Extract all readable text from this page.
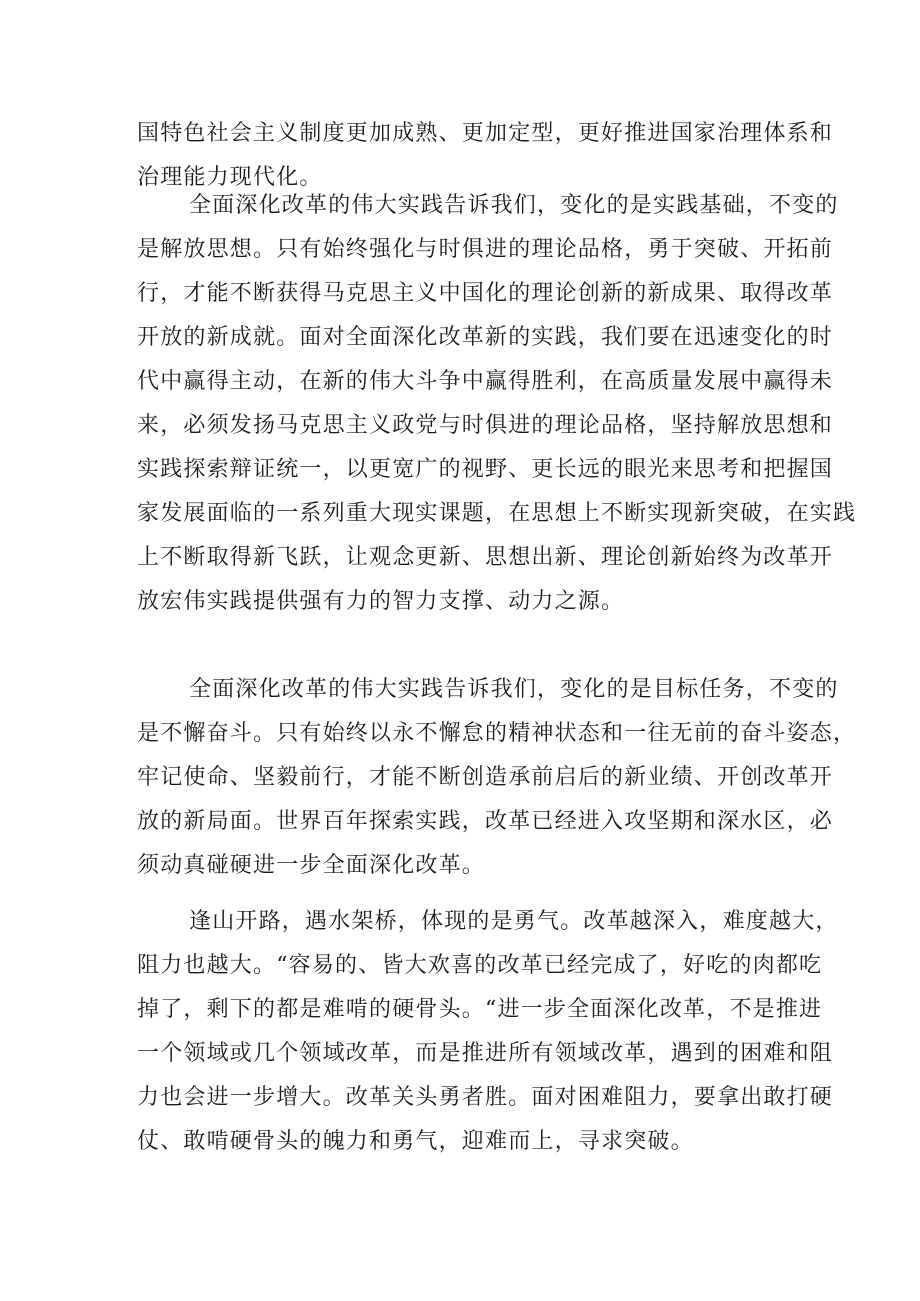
国特色社会主义制度更加成熟、更加定型，更好推进国家治理体系和
治理能力现代化。
全面深化改革的伟大实践告诉我们，变化的是实践基础，不变的
是解放思想。只有始终强化与时俱进的理论品格，勇于突破、开拓前
行，才能不断获得马克思主义中国化的理论创新的新成果、取得改革
开放的新成就。面对全面深化改革新的实践，我们要在迅速变化的时
代中赢得主动，在新的伟大斗争中赢得胜利，在高质量发展中赢得未
来，必须发扬马克思主义政党与时俱进的理论品格，坚持解放思想和
实践探索辩证统一，以更宽广的视野、更长远的眼光来思考和把握国
家发展面临的一系列重大现实课题，在思想上不断实现新突破，在实践
上不断取得新飞跃，让观念更新、思想出新、理论创新始终为改革开
放宏伟实践提供强有力的智力支撑、动力之源。
全面深化改革的伟大实践告诉我们，变化的是目标任务，不变的
是不懈奋斗。只有始终以永不懈怠的精神状态和一往无前的奋斗姿态，
牢记使命、坚毅前行，才能不断创造承前启后的新业绩、开创改革开
放的新局面。世界百年探索实践，改革已经进入攻坚期和深水区，必
须动真碰硬进一步全面深化改革。
逢山开路，遇水架桥，体现的是勇气。改革越深入，难度越大，
阻力也越大。“容易的、皆大欢喜的改革已经完成了，好吃的肉都吃
掉了，剩下的都是难啃的硬骨头。“进一步全面深化改革，不是推进
一个领域或几个领域改革，而是推进所有领域改革，遇到的困难和阻
力也会进一步增大。改革关头勇者胜。面对困难阻力，要拿出敢打硬
仗、敢啃硬骨头的魄力和勇气，迎难而上，寻求突破。
